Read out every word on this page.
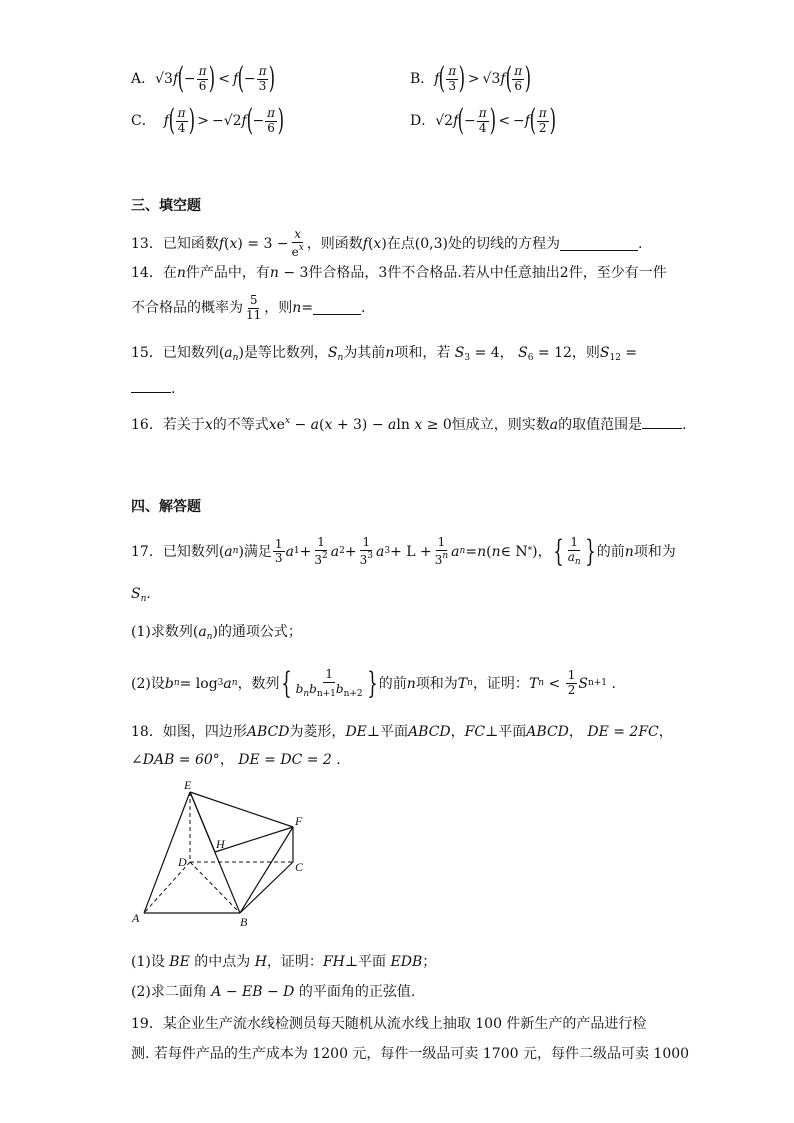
A． √3 f ( − $\frac{\pi}{6}$ ) < f ( − $\frac{\pi}{3}$ )	B． f ( $\frac{\pi}{3}$ ) > √3 f ( $\frac{\pi}{6}$ )
C． f ( $\frac{\pi}{4}$ ) > −√2 f ( − $\frac{\pi}{6}$ )	D． √2 f ( − $\frac{\pi}{4}$ ) < − f ( $\frac{\pi}{2}$ )
三、填空题
13．已知函数 f ( x ) = $3 - \frac{x}{e^x}$ ，则函数 f ( x ) 在点 (0,3) 处的切线的方程为	.
14．在n件产品中，有n − 3件合格品，3件不合格品.若从中任意抽出2件，至少有一件
不合格品的概率为 $\frac{5}{11}$ ，则 n =	.
15．已知数列$(a_n)$是等比数列，$S_n$为其前n项和，若 $S_3 = 4$， $S_6 = 12$，则$S_{12}$ =
.
16．若关于x的不等式$xe^x - a(x + 3) - aln$ x ≥ 0恒成立，则实数a的取值范围是	.
四、解答题
17．已知数列 ( a n ) 满足 $\frac{1}{3}$ a $1 + \frac{1}{3^2}$ a $2 + \frac{1}{3^3}$ a $3 + L + \frac{1}{3^n}$ a n = n ( n ∈ N * )， { $\frac{1}{a_n}$ } 的前 n 项和为
$S_n$.
(1)求数列$(a_n)$的通项公式；
(2)设 b n = log 3 a n ，数列 { $\frac{1}{b_nb_{n+1}b_{n+2}}$ } 的前 n 项和为 T n ，证明： T $n < \frac{1}{2}$ S n+1
.
18．如图，四边形ABCD为菱形，DE⊥平面ABCD，FC⊥平面ABCD， DE = 2FC，
∠DAB = 60°， DE = DC = 2 .
E
F
H
D	C
A	B
(1)设 BE 的中点为 H，证明：FH⊥平面 EDB；
(2)求二面角 A − EB − D 的平面角的正弦值.
19．某企业生产流水线检测员每天随机从流水线上抽取 100 件新生产的产品进行检
测. 若每件产品的生产成本为 1200 元，每件一级品可卖 1700 元，每件二级品可卖 1000
